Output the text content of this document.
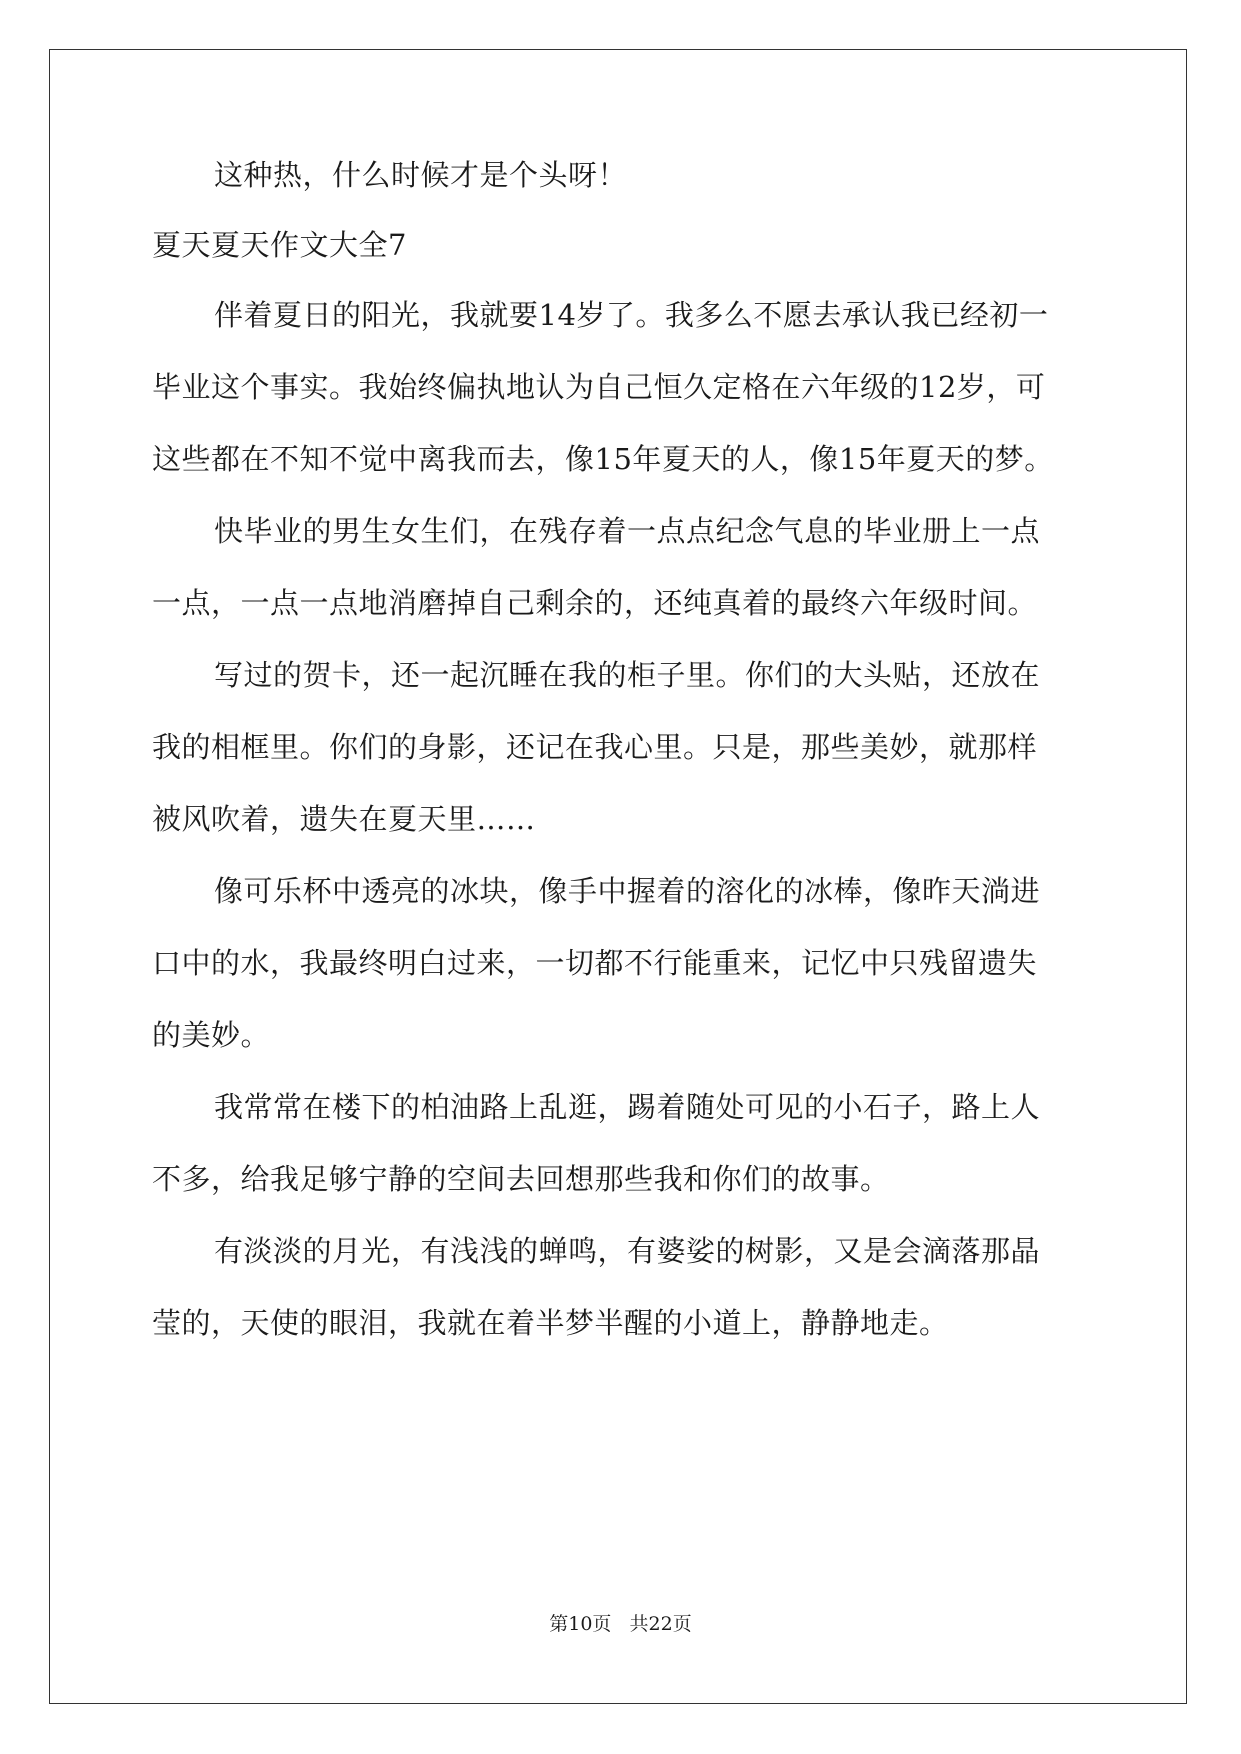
这种热，什么时候才是个头呀！
夏天夏天作文大全7
伴着夏日的阳光，我就要14岁了。我多么不愿去承认我已经初一
毕业这个事实。我始终偏执地认为自己恒久定格在六年级的12岁，可
这些都在不知不觉中离我而去，像15年夏天的人，像15年夏天的梦。
快毕业的男生女生们，在残存着一点点纪念气息的毕业册上一点
一点，一点一点地消磨掉自己剩余的，还纯真着的最终六年级时间。
写过的贺卡，还一起沉睡在我的柜子里。你们的大头贴，还放在
我的相框里。你们的身影，还记在我心里。只是，那些美妙，就那样
被风吹着，遗失在夏天里……
像可乐杯中透亮的冰块，像手中握着的溶化的冰棒，像昨天淌进
口中的水，我最终明白过来，一切都不行能重来，记忆中只残留遗失
的美妙。
我常常在楼下的柏油路上乱逛，踢着随处可见的小石子，路上人
不多，给我足够宁静的空间去回想那些我和你们的故事。
有淡淡的月光，有浅浅的蝉鸣，有婆娑的树影，又是会滴落那晶
莹的，天使的眼泪，我就在着半梦半醒的小道上，静静地走。
第10页   共22页
